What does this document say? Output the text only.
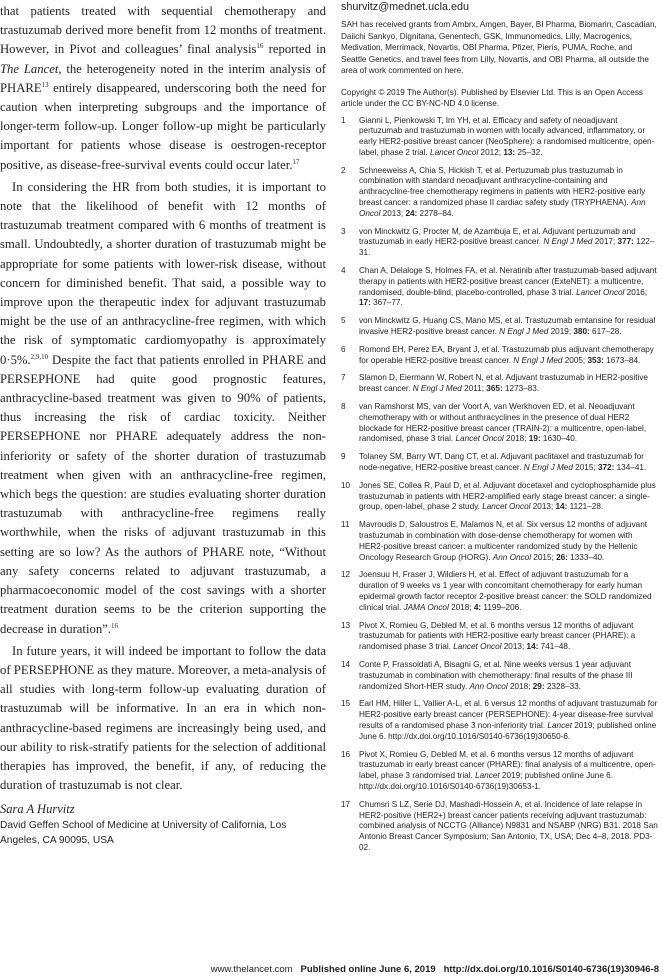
that patients treated with sequential chemotherapy and trastuzumab derived more benefit from 12 months of treatment. However, in Pivot and colleagues’ final analysis$^{16}$ reported in The Lancet, the heterogeneity noted in the interim analysis of PHARE$^{13}$ entirely disappeared, underscoring both the need for caution when interpreting subgroups and the importance of longer-term follow-up. Longer follow-up might be particularly important for patients whose disease is oestrogen-receptor positive, as disease-free-survival events could occur later.$^{17}$

In considering the HR from both studies, it is important to note that the likelihood of benefit with 12 months of trastuzumab treatment compared with 6 months of treatment is small. Undoubtedly, a shorter duration of trastuzumab might be appropriate for some patients with lower-risk disease, without concern for diminished benefit. That said, a possible way to improve upon the therapeutic index for adjuvant trastuzumab might be the use of an anthracycline-free regimen, with which the risk of symptomatic cardiomyopathy is approximately 0·5%.$^{2,9,10}$ Despite the fact that patients enrolled in PHARE and PERSEPHONE had quite good prognostic features, anthracycline-based treatment was given to 90% of patients, thus increasing the risk of cardiac toxicity. Neither PERSEPHONE nor PHARE adequately address the non-inferiority or safety of the shorter duration of trastuzumab treatment when given with an anthracycline-free regimen, which begs the question: are studies evaluating shorter duration trastuzumab with anthracycline-free regimens really worthwhile, when the risks of adjuvant trastuzumab in this setting are so low? As the authors of PHARE note, “Without any safety concerns related to adjuvant trastuzumab, a pharmacoeconomic model of the cost savings with a shorter treatment duration seems to be the criterion supporting the decrease in duration”.$^{16}$

In future years, it will indeed be important to follow the data of PERSEPHONE as they mature. Moreover, a meta-analysis of all studies with long-term follow-up evaluating duration of trastuzumab will be informative. In an era in which non-anthracycline-based regimens are increasingly being used, and our ability to risk-stratify patients for the selection of additional therapies has improved, the benefit, if any, of reducing the duration of trastuzumab is not clear.

Sara A Hurvitz
David Geffen School of Medicine at University of California, Los Angeles, CA 90095, USA
shurvitz@mednet.ucla.edu
SAH has received grants from Ambrx, Amgen, Bayer, BI Pharma, Biomarin, Cascadian, Daiichi Sankyo, Dignitana, Genentech, GSK, Immunomedics, Lilly, Macrogenics, Medivation, Merrimack, Novartis, OBI Pharma, Pfizer, Pieris, PUMA, Roche, and Seattle Genetics, and travel fees from Lilly, Novartis, and OBI Pharma, all outside the area of work commented on here.
Copyright © 2019 The Author(s). Published by Elsevier Ltd. This is an Open Access article under the CC BY-NC-ND 4.0 license.
1	Gianni L, Pienkowski T, Im YH, et al. Efficacy and safety of neoadjuvant pertuzumab and trastuzumab in women with locally advanced, inflammatory, or early HER2-positive breast cancer (NeoSphere): a randomised multicentre, open-label, phase 2 trial. Lancet Oncol 2012; 13: 25–32.
2	Schneeweiss A, Chia S, Hickish T, et al. Pertuzumab plus trastuzumab in combination with standard neoadjuvant anthracycline-containing and anthracycline-free chemotherapy regimens in patients with HER2-positive early breast cancer: a randomized phase II cardiac safety study (TRYPHAENA). Ann Oncol 2013; 24: 2278–84.
3	von Minckwitz G, Procter M, de Azambuja E, et al. Adjuvant pertuzumab and trastuzumab in early HER2-positive breast cancer. N Engl J Med 2017; 377: 122–31.
4	Chan A, Delaloge S, Holmes FA, et al. Neratinib after trastuzumab-based adjuvant therapy in patients with HER2-positive breast cancer (ExteNET): a multicentre, randomised, double-blind, placebo-controlled, phase 3 trial. Lancet Oncol 2016; 17: 367–77.
5	von Minckwitz G, Huang CS, Mano MS, et al. Trastuzumab emtansine for residual invasive HER2-positive breast cancer. N Engl J Med 2019; 380: 617–28.
6	Romond EH, Perez EA, Bryant J, et al. Trastuzumab plus adjuvant chemotherapy for operable HER2-positive breast cancer. N Engl J Med 2005; 353: 1673–84.
7	Slamon D, Eiermann W, Robert N, et al. Adjuvant trastuzumab in HER2-positive breast cancer. N Engl J Med 2011; 365: 1273–83.
8	van Ramshorst MS, van der Voort A, van Werkhoven ED, et al. Neoadjuvant chemotherapy with or without anthracyclines in the presence of dual HER2 blockade for HER2-positive breast cancer (TRAIN-2): a multicentre, open-label, randomised, phase 3 trial. Lancet Oncol 2018; 19: 1630–40.
9	Tolaney SM, Barry WT, Dang CT, et al. Adjuvant paclitaxel and trastuzumab for node-negative, HER2-positive breast cancer. N Engl J Med 2015; 372: 134–41.
10	Jones SE, Collea R, Paul D, et al. Adjuvant docetaxel and cyclophosphamide plus trastuzumab in patients with HER2-amplified early stage breast cancer: a single-group, open-label, phase 2 study. Lancet Oncol 2013; 14: 1121–28.
11	Mavroudis D, Saloustros E, Malamos N, et al. Six versus 12 months of adjuvant trastuzumab in combination with dose-dense chemotherapy for women with HER2-positive breast cancer: a multicenter randomized study by the Hellenic Oncology Research Group (HORG). Ann Oncol 2015; 26: 1333–40.
12	Joensuu H, Fraser J, Wildiers H, et al. Effect of adjuvant trastuzumab for a duration of 9 weeks vs 1 year with concomitant chemotherapy for early human epidermal growth factor receptor 2-positive breast cancer: the SOLD randomized clinical trial. JAMA Oncol 2018; 4: 1199–206.
13	Pivot X, Romieu G, Debled M, et al. 6 months versus 12 months of adjuvant trastuzumab for patients with HER2-positive early breast cancer (PHARE): a randomised phase 3 trial. Lancet Oncol 2013; 14: 741–48.
14	Conte P, Frassoldati A, Bisagni G, et al. Nine weeks versus 1 year adjuvant trastuzumab in combination with chemotherapy: final results of the phase III randomized Short-HER study. Ann Oncol 2018; 29: 2328–33.
15	Earl HM, Hiller L, Vallier A-L, et al. 6 versus 12 months of adjuvant trastuzumab for HER2-positive early breast cancer (PERSEPHONE): 4-year disease-free survival results of a randomised phase 3 non-inferiority trial. Lancet 2019; published online June 6. http://dx.doi.org/10.1016/S0140-6736(19)30650-6.
16	Pivot X, Romieu G, Debled M, et al. 6 months versus 12 months of adjuvant trastuzumab in early breast cancer (PHARE): final analysis of a multicentre, open-label, phase 3 randomised trial. Lancet 2019; published online June 6. http://dx.doi.org/10.1016/S0140-6736(19)30653-1.
17	Chumsri S LZ, Serie DJ, Mashadi-Hossein A, et al. Incidence of late relapse in HER2-positive (HER2+) breast cancer patients receiving adjuvant trastuzumab: combined analysis of NCCTG (Alliance) N9831 and NSABP (NRG) B31. 2018 San Antonio Breast Cancer Symposium; San Antonio, TX, USA; Dec 4–8, 2018. PD3-02.
www.thelancet.com Published online June 6, 2019 http://dx.doi.org/10.1016/S0140-6736(19)30946-8
